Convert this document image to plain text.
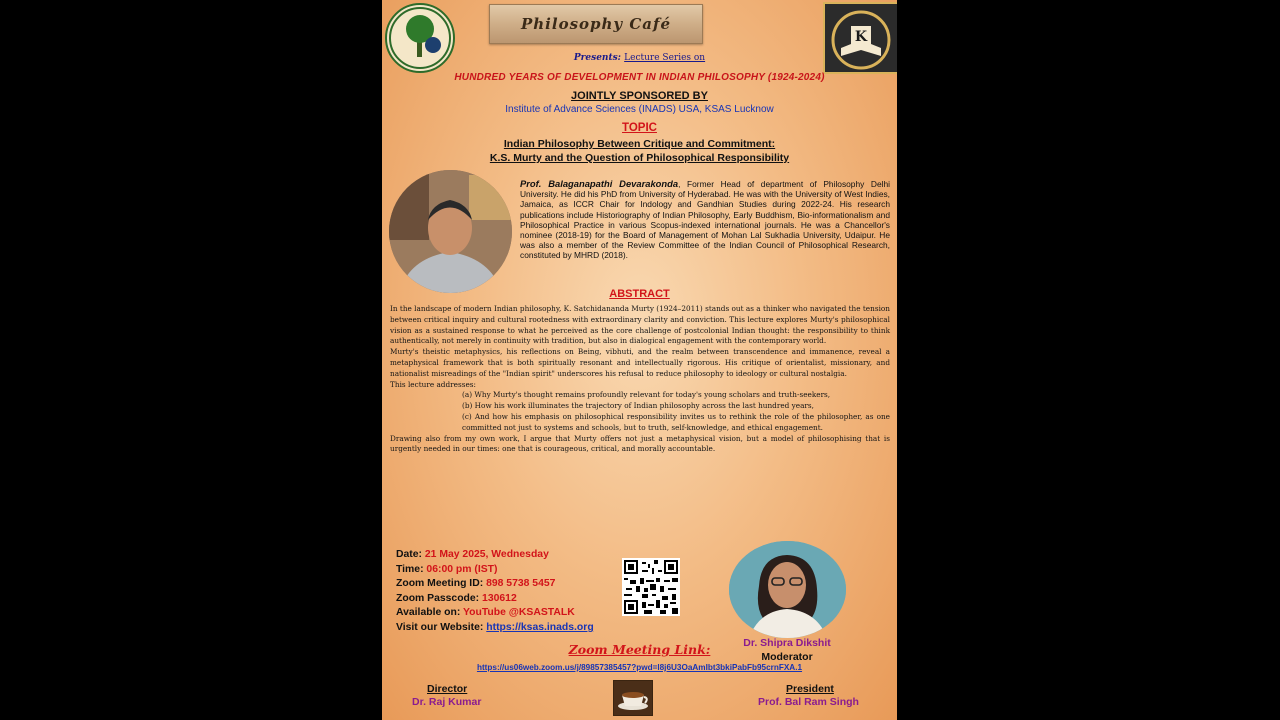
Philosophy Café
K
Presents: Lecture Series on
HUNDRED YEARS OF DEVELOPMENT IN INDIAN PHILOSOPHY (1924-2024)
JOINTLY SPONSORED BY
Institute of Advance Sciences (INADS) USA, KSAS Lucknow
TOPIC
Indian Philosophy Between Critique and Commitment:
K.S. Murty and the Question of Philosophical Responsibility
Prof. Balaganapathi Devarakonda, Former Head of department of Philosophy Delhi University. He did his PhD from University of Hyderabad. He was with the University of West Indies, Jamaica, as ICCR Chair for Indology and Gandhian Studies during 2022-24. His research publications include Historiography of Indian Philosophy, Early Buddhism, Bio-informationalism and Philosophical Practice in various Scopus-indexed international journals. He was a Chancellor's nominee (2018-19) for the Board of Management of Mohan Lal Sukhadia University, Udaipur. He was also a member of the Review Committee of the Indian Council of Philosophical Research, constituted by MHRD (2018).
ABSTRACT

In the landscape of modern Indian philosophy, K. Satchidananda Murty (1924–2011) stands out as a thinker who navigated the tension between critical inquiry and cultural rootedness with extraordinary clarity and conviction. This lecture explores Murty's philosophical vision as a sustained response to what he perceived as the core challenge of postcolonial Indian thought: the responsibility to think authentically, not merely in continuity with tradition, but also in dialogical engagement with the contemporary world.

Murty's theistic metaphysics, his reflections on Being, vibhuti, and the realm between transcendence and immanence, reveal a metaphysical framework that is both spiritually resonant and intellectually rigorous. His critique of orientalist, missionary, and nationalist misreadings of the "Indian spirit" underscores his refusal to reduce philosophy to ideology or cultural nostalgia.

This lecture addresses:

(a) Why Murty's thought remains profoundly relevant for today's young scholars and truth-seekers,

(b) How his work illuminates the trajectory of Indian philosophy across the last hundred years,

(c) And how his emphasis on philosophical responsibility invites us to rethink the role of the philosopher, as one committed not just to systems and schools, but to truth, self-knowledge, and ethical engagement.

Drawing also from my own work, I argue that Murty offers not just a metaphysical vision, but a model of philosophising that is urgently needed in our times: one that is courageous, critical, and morally accountable.

Date: 21 May 2025, Wednesday
Time: 06:00 pm (IST)
Zoom Meeting ID: 898 5738 5457
Zoom Passcode: 130612
Available on: YouTube @KSASTALK
Visit our Website: https://ksas.inads.org
Dr. Shipra Dikshit
Moderator
Zoom Meeting Link:
https://us06web.zoom.us/j/89857385457?pwd=l8j6U3OaAmIbt3bkiPabFb95crnFXA.1
Director
Dr. Raj Kumar
President
Prof. Bal Ram Singh
